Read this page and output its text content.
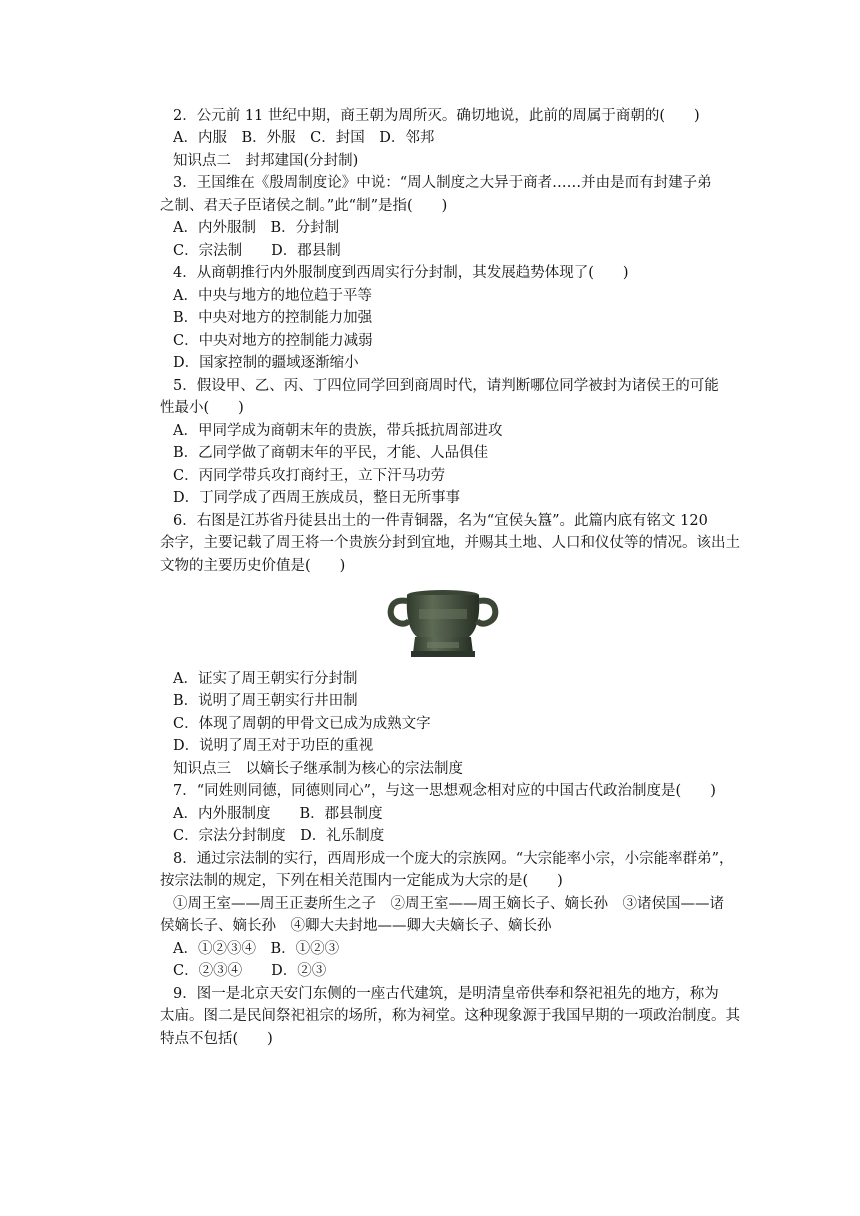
2．公元前 11 世纪中期，商王朝为周所灭。确切地说，此前的周属于商朝的(　　)
A．内服　B．外服　C．封国　D．邻邦
知识点二　封邦建国(分封制)
3．王国维在《殷周制度论》中说：“周人制度之大异于商者……并由是而有封建子弟
之制、君天子臣诸侯之制。”此“制”是指(　　)
A．内外服制　B．分封制
C．宗法制　　D．郡县制
4．从商朝推行内外服制度到西周实行分封制，其发展趋势体现了(　　)
A．中央与地方的地位趋于平等
B．中央对地方的控制能力加强
C．中央对地方的控制能力减弱
D．国家控制的疆域逐渐缩小
5．假设甲、乙、丙、丁四位同学回到商周时代，请判断哪位同学被封为诸侯王的可能
性最小(　　)
A．甲同学成为商朝末年的贵族，带兵抵抗周部进攻
B．乙同学做了商朝末年的平民，才能、人品俱佳
C．丙同学带兵攻打商纣王，立下汗马功劳
D．丁同学成了西周王族成员，整日无所事事
6．右图是江苏省丹徒县出土的一件青铜器，名为“宜侯夨簋”。此篇内底有铭文 120
余字，主要记载了周王将一个贵族分封到宜地，并赐其土地、人口和仪仗等的情况。该出土
文物的主要历史价值是(　　)
A．证实了周王朝实行分封制
B．说明了周王朝实行井田制
C．体现了周朝的甲骨文已成为成熟文字
D．说明了周王对于功臣的重视
知识点三　以嫡长子继承制为核心的宗法制度
7．“同姓则同德，同德则同心”，与这一思想观念相对应的中国古代政治制度是(　　)
A．内外服制度　　B．郡县制度
C．宗法分封制度　D．礼乐制度
8．通过宗法制的实行，西周形成一个庞大的宗族网。“大宗能率小宗，小宗能率群弟”，
按宗法制的规定，下列在相关范围内一定能成为大宗的是(　　)
①周王室——周王正妻所生之子　②周王室——周王嫡长子、嫡长孙　③诸侯国——诸
侯嫡长子、嫡长孙　④卿大夫封地——卿大夫嫡长子、嫡长孙
A．①②③④　B．①②③
C．②③④　　D．②③
9．图一是北京天安门东侧的一座古代建筑，是明清皇帝供奉和祭祀祖先的地方，称为
太庙。图二是民间祭祀祖宗的场所，称为祠堂。这种现象源于我国早期的一项政治制度。其
特点不包括(　　)
